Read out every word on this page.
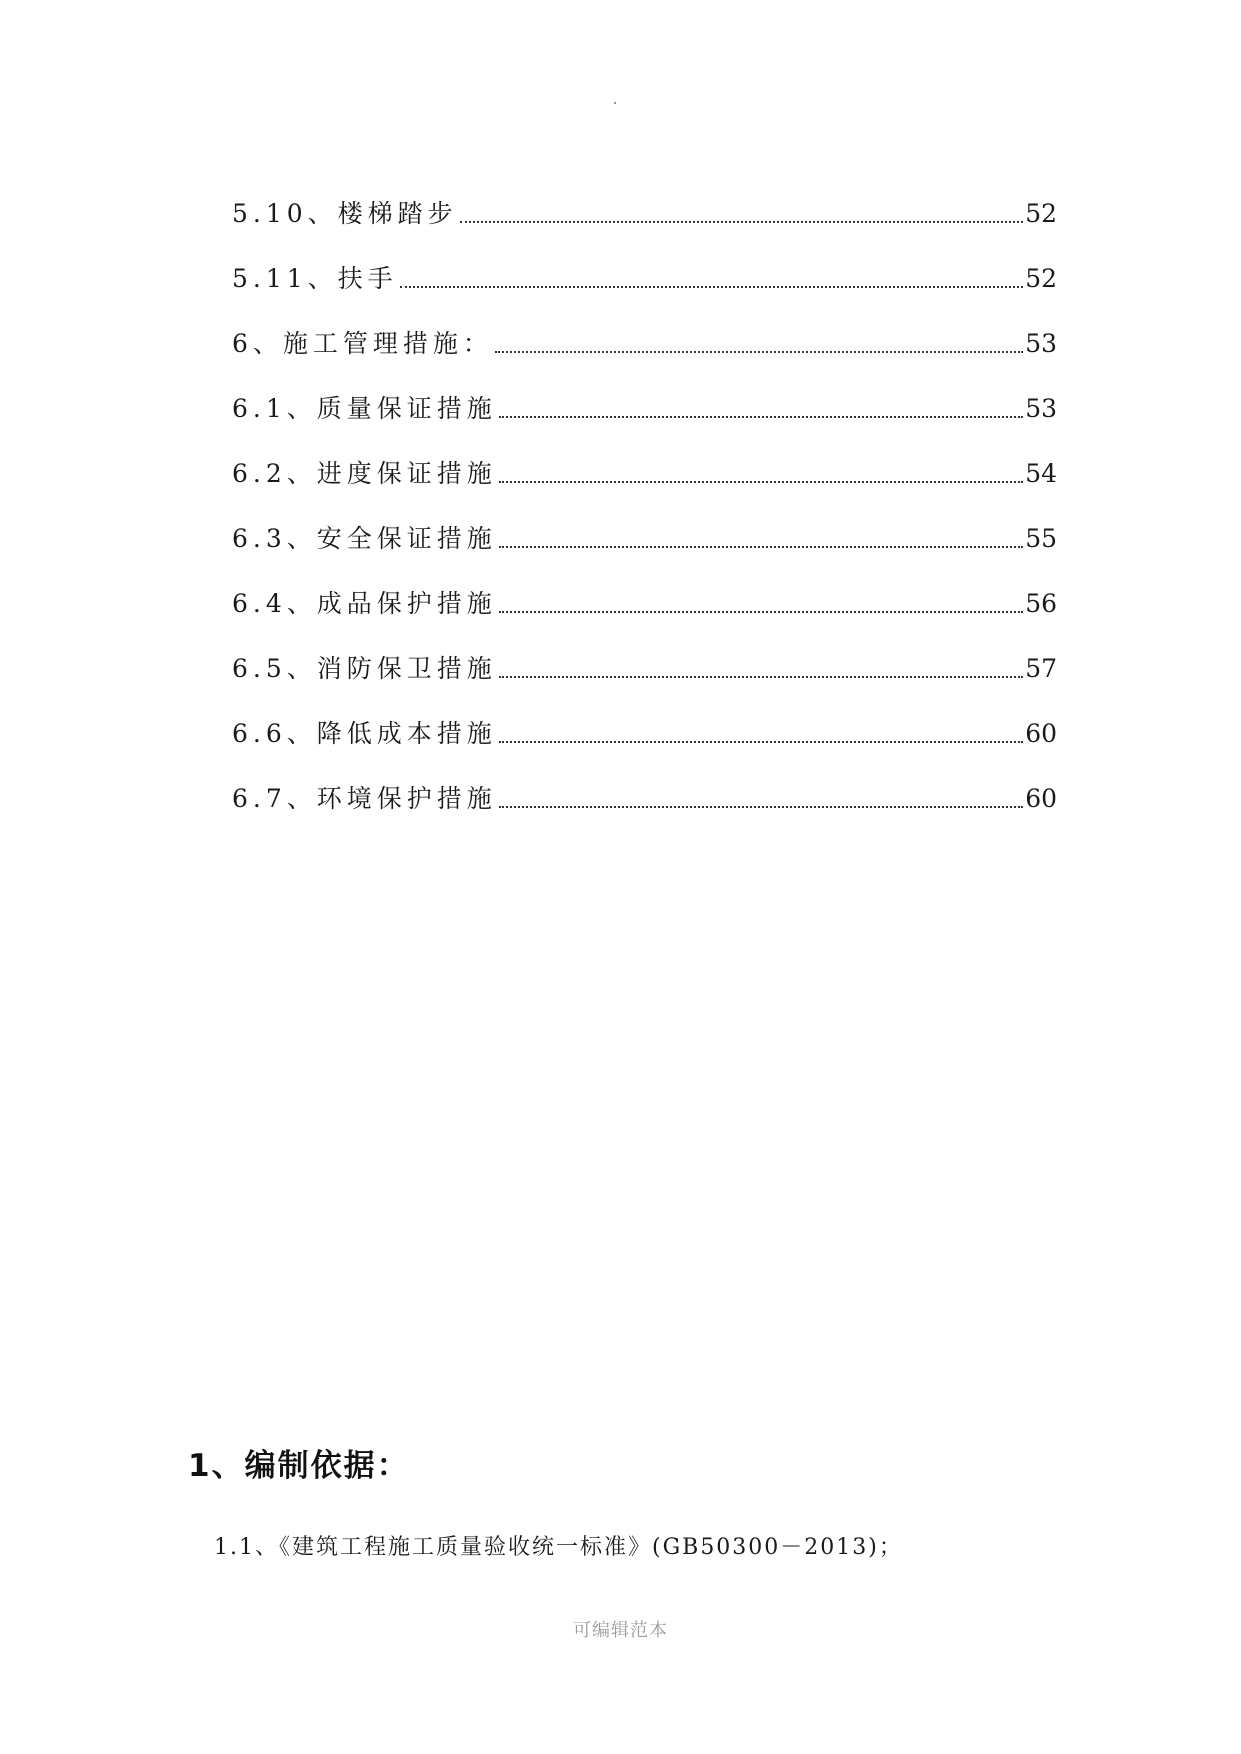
5.10、楼梯踏步	52
5.11、扶手	52
6、施工管理措施：	53
6.1、质量保证措施	53
6.2、进度保证措施	54
6.3、安全保证措施	55
6.4、成品保护措施	56
6.5、消防保卫措施	57
6.6、降低成本措施	60
6.7、环境保护措施	60
1、编制依据：
1.1、《建筑工程施工质量验收统一标准》(GB50300－2013)；
可编辑范本
